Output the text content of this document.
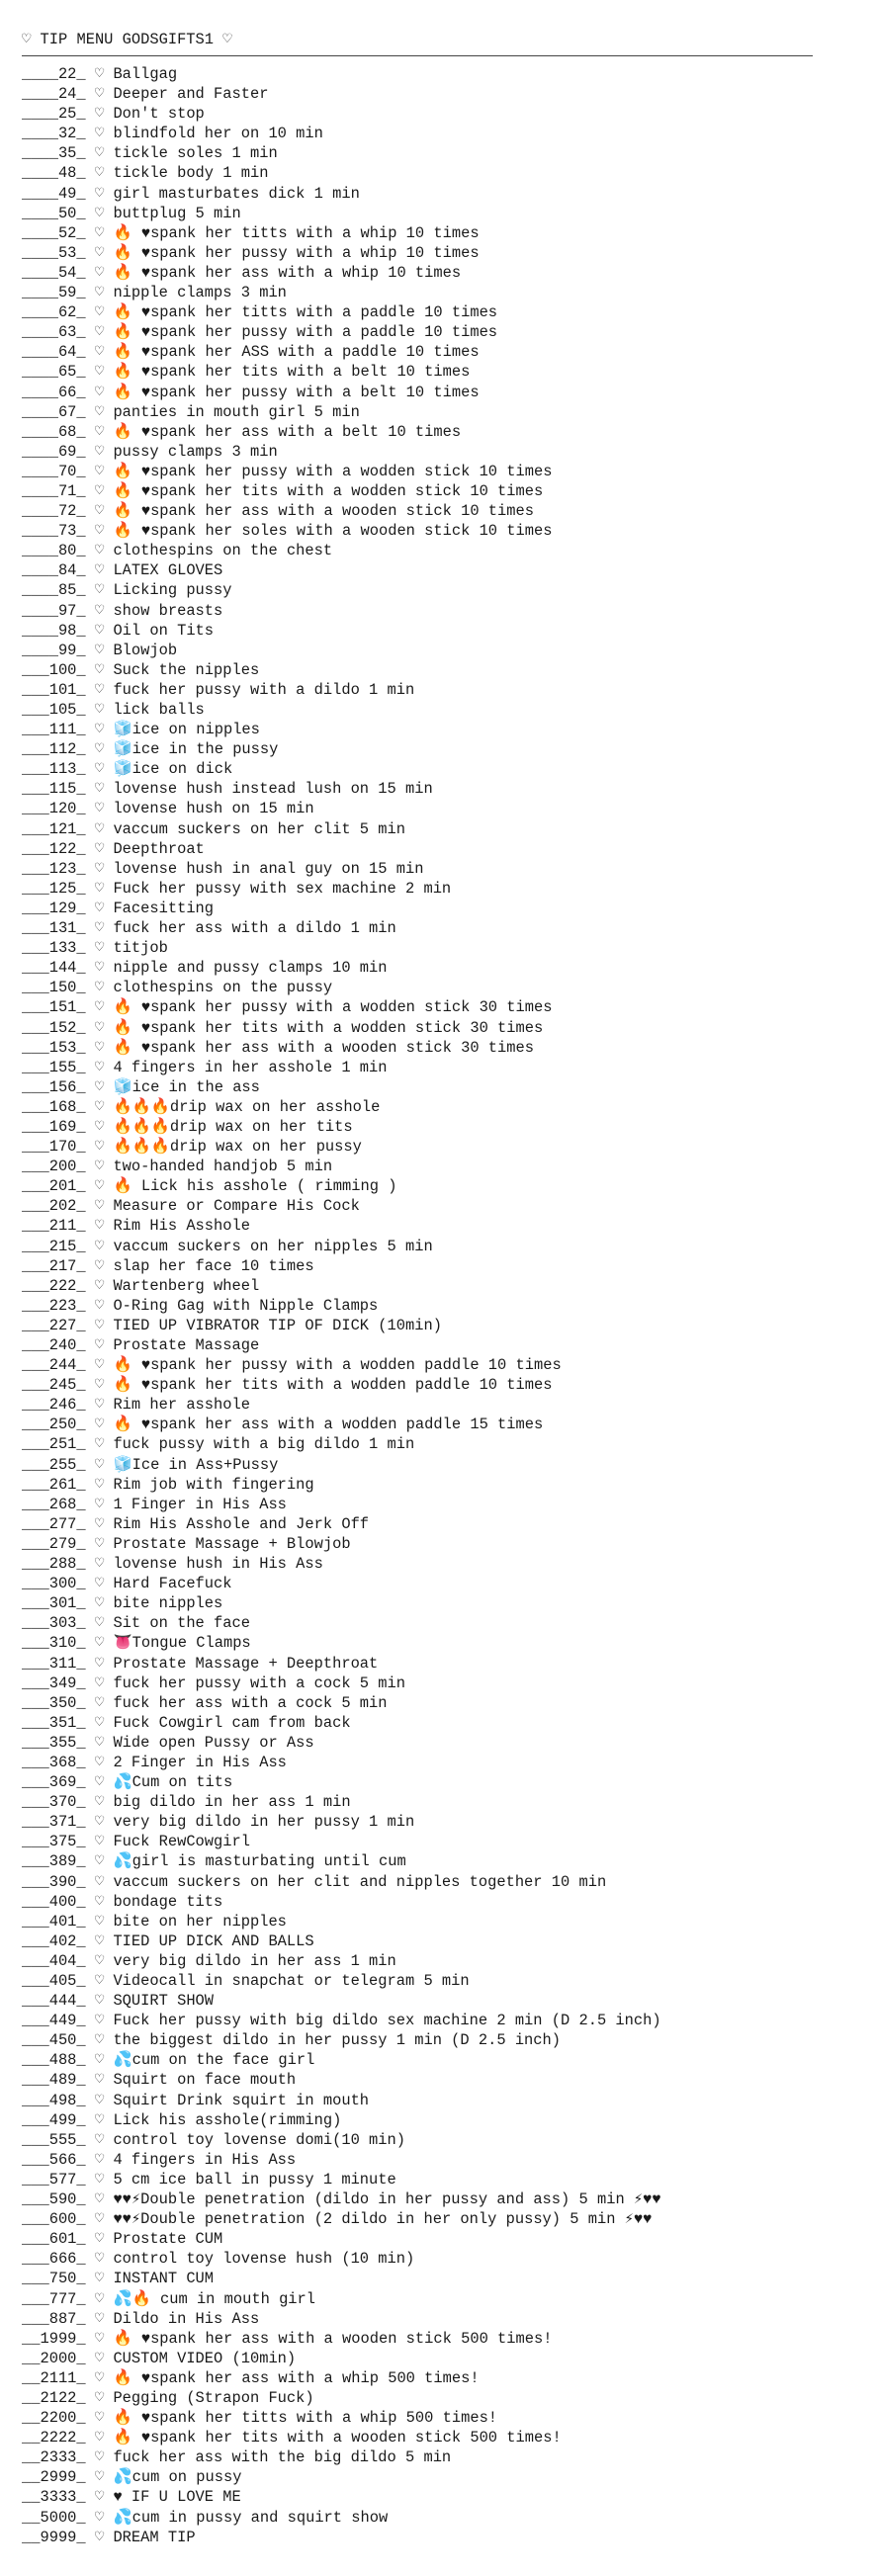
♡ TIP MENU GODSGIFTS1 ♡
____22_ ♡ Ballgag
____24_ ♡ Deeper and Faster
____25_ ♡ Don't stop
____32_ ♡ blindfold her on 10 min
____35_ ♡ tickle soles 1 min
____48_ ♡ tickle body 1 min
____49_ ♡ girl masturbates dick 1 min
____50_ ♡ buttplug 5 min
____52_ ♡ 🔥 ♥spank her titts with a whip 10 times
____53_ ♡ 🔥 ♥spank her pussy with a whip 10 times
____54_ ♡ 🔥 ♥spank her ass with a whip 10 times
____59_ ♡ nipple clamps 3 min
____62_ ♡ 🔥 ♥spank her titts with a paddle 10 times
____63_ ♡ 🔥 ♥spank her pussy with a paddle 10 times
____64_ ♡ 🔥 ♥spank her ASS with a paddle 10 times
____65_ ♡ 🔥 ♥spank her tits with a belt 10 times
____66_ ♡ 🔥 ♥spank her pussy with a belt 10 times
____67_ ♡ panties in mouth girl 5 min
____68_ ♡ 🔥 ♥spank her ass with a belt 10 times
____69_ ♡ pussy clamps 3 min
____70_ ♡ 🔥 ♥spank her pussy with a wodden stick 10 times
____71_ ♡ 🔥 ♥spank her tits with a wodden stick 10 times
____72_ ♡ 🔥 ♥spank her ass with a wooden stick 10 times
____73_ ♡ 🔥 ♥spank her soles with a wooden stick 10 times
____80_ ♡ clothespins on the chest
____84_ ♡ LATEX GLOVES
____85_ ♡ Licking pussy
____97_ ♡ show breasts
____98_ ♡ Oil on Tits
____99_ ♡ Blowjob
___100_ ♡ Suck the nipples
___101_ ♡ fuck her pussy with a dildo 1 min
___105_ ♡ lick balls
___111_ ♡ 🧊ice on nipples
___112_ ♡ 🧊ice in the pussy
___113_ ♡ 🧊ice on dick
___115_ ♡ lovense hush instead lush on 15 min
___120_ ♡ lovense hush on 15 min
___121_ ♡ vaccum suckers on her clit 5 min
___122_ ♡ Deepthroat
___123_ ♡ lovense hush in anal guy on 15 min
___125_ ♡ Fuck her pussy with sex machine 2 min
___129_ ♡ Facesitting
___131_ ♡ fuck her ass with a dildo 1 min
___133_ ♡ titjob
___144_ ♡ nipple and pussy clamps 10 min
___150_ ♡ clothespins on the pussy
___151_ ♡ 🔥 ♥spank her pussy with a wodden stick 30 times
___152_ ♡ 🔥 ♥spank her tits with a wodden stick 30 times
___153_ ♡ 🔥 ♥spank her ass with a wooden stick 30 times
___155_ ♡ 4 fingers in her asshole 1 min
___156_ ♡ 🧊ice in the ass
___168_ ♡ 🔥🔥🔥drip wax on her asshole
___169_ ♡ 🔥🔥🔥drip wax on her tits
___170_ ♡ 🔥🔥🔥drip wax on her pussy
___200_ ♡ two-handed handjob 5 min
___201_ ♡ 🔥 Lick his asshole ( rimming )
___202_ ♡ Measure or Compare His Cock
___211_ ♡ Rim His Asshole
___215_ ♡ vaccum suckers on her nipples 5 min
___217_ ♡ slap her face 10 times
___222_ ♡ Wartenberg wheel
___223_ ♡ O-Ring Gag with Nipple Clamps
___227_ ♡ TIED UP VIBRATOR TIP OF DICK (10min)
___240_ ♡ Prostate Massage
___244_ ♡ 🔥 ♥spank her pussy with a wodden paddle 10 times
___245_ ♡ 🔥 ♥spank her tits with a wodden paddle 10 times
___246_ ♡ Rim her asshole
___250_ ♡ 🔥 ♥spank her ass with a wodden paddle 15 times
___251_ ♡ fuck pussy with a big dildo 1 min
___255_ ♡ 🧊Ice in Ass+Pussy
___261_ ♡ Rim job with fingering
___268_ ♡ 1 Finger in His Ass
___277_ ♡ Rim His Asshole and Jerk Off
___279_ ♡ Prostate Massage + Blowjob
___288_ ♡ lovense hush in His Ass
___300_ ♡ Hard Facefuck
___301_ ♡ bite nipples
___303_ ♡ Sit on the face
___310_ ♡ 👅Tongue Clamps
___311_ ♡ Prostate Massage + Deepthroat
___349_ ♡ fuck her pussy with a cock 5 min
___350_ ♡ fuck her ass with a cock 5 min
___351_ ♡ Fuck Cowgirl cam from back
___355_ ♡ Wide open Pussy or Ass
___368_ ♡ 2 Finger in His Ass
___369_ ♡ 💦Cum on tits
___370_ ♡ big dildo in her ass 1 min
___371_ ♡ very big dildo in her pussy 1 min
___375_ ♡ Fuck RewCowgirl
___389_ ♡ 💦girl is masturbating until cum
___390_ ♡ vaccum suckers on her clit and nipples together 10 min
___400_ ♡ bondage tits
___401_ ♡ bite on her nipples
___402_ ♡ TIED UP DICK AND BALLS
___404_ ♡ very big dildo in her ass 1 min
___405_ ♡ Videocall in snapchat or telegram 5 min
___444_ ♡ SQUIRT SHOW
___449_ ♡ Fuck her pussy with big dildo sex machine 2 min (D 2.5 inch)
___450_ ♡ the biggest dildo in her pussy 1 min (D 2.5 inch)
___488_ ♡ 💦cum on the face girl
___489_ ♡ Squirt on face mouth
___498_ ♡ Squirt Drink squirt in mouth
___499_ ♡ Lick his asshole(rimming)
___555_ ♡ control toy lovense domi(10 min)
___566_ ♡ 4 fingers in His Ass
___577_ ♡ 5 cm ice ball in pussy 1 minute
___590_ ♡ ♥♥⚡Double penetration (dildo in her pussy and ass) 5 min ⚡♥♥
___600_ ♡ ♥♥⚡Double penetration (2 dildo in her only pussy) 5 min ⚡♥♥
___601_ ♡ Prostate CUM
___666_ ♡ control toy lovense hush (10 min)
___750_ ♡ INSTANT CUM
___777_ ♡ 💦🔥 cum in mouth girl
___887_ ♡ Dildo in His Ass
__1999_ ♡ 🔥 ♥spank her ass with a wooden stick 500 times!
__2000_ ♡ CUSTOM VIDEO (10min)
__2111_ ♡ 🔥 ♥spank her ass with a whip 500 times!
__2122_ ♡ Pegging (Strapon Fuck)
__2200_ ♡ 🔥 ♥spank her titts with a whip 500 times!
__2222_ ♡ 🔥 ♥spank her tits with a wooden stick 500 times!
__2333_ ♡ fuck her ass with the big dildo 5 min
__2999_ ♡ 💦cum on pussy
__3333_ ♡ ♥ IF U LOVE ME
__5000_ ♡ 💦cum in pussy and squirt show
__9999_ ♡ DREAM TIP
